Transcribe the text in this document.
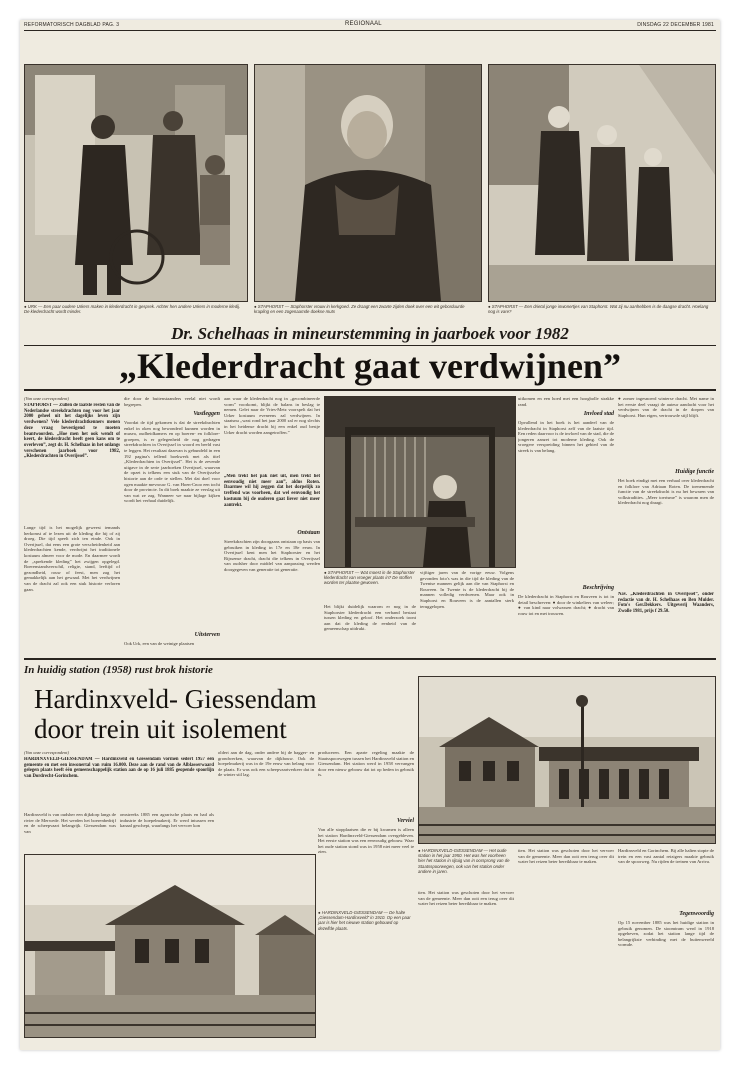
REFORMATORISCH DAGBLAD PAG. 3	REGIONAAL	DINSDAG 22 DECEMBER 1981
● URK — Een paar oudere Urkers maken in klederdracht in gesprek. Achter hen andere Urkers in moderne kledij. De klederdracht wordt minder.
● STAPHORST — Staphorster vrouw in kerkgoed. Ze draagt een zwarte zijden doek over een wit geborduurde krapling en een zogenaamde doekse muts
● STAPHORST — Een drietal jonge inwonertjes van Staphorst. Wat zij nu aanhebben is de daagse dracht. Hoelang nog is vare?
Dr. Schelhaas in mineurstemming in jaarboek voor 1982
„Klederdracht gaat verdwijnen”
(Van onze correspondent)
STAPHORST — Zullen de laatste resten van de Nederlandse streekdrachten nog voor het jaar 2000 geheel uit het dagelijks leven zijn verdwenen? Vele klederdrachtkenners menen deze vraag bevestigend te moeten beantwoorden. „Hoe men het ook wendt of keert, de klederdracht heeft geen kans om te overleven”, zegt dr. H. Schelhaas in het onlangs verschenen jaarboek voor 1982, „Klederdrachten in Overijssel”.
Lange tijd is het mogelijk geweest iemands herkomst af te lezen uit de kleding die hij of zij droeg. Die tijd speelt zich ten einde. Ook in Overijssel, dat eens een grote verscheidenheid aan klederdrachten kende, verdwijnt het traditionele kostuum almeer voor de mode. En daarmee wordt de „sprekende kleding” het zwijgen opgelegd. Boerenstandsverschil, religie, stand, leeftijd of gezondheid, rouw of feest, men zag het gemakkelijk aan het gewaad. Met het verdwijnen van de dracht zal ook een stuk historie verloren gaan.
die door de buitenstaanders veelal niet wordt begrepen.
Vastleggen
Voordat de tijd gekomen is dat de streekdrachten enkel in oken nog bewonderd kunnen worden in musea, oudheidkamers en op boeren- en folklore-groepen, is er gelegenheid de nog gedragen streekdrachten in Overijssel in woord en beeld vast te leggen. Het resultaat daarvan is gebundeld in een 192 pagina's tellend boekwerk met als titel „Klederdrachten in Overijssel”. Het is de zevende uitgave in de serie jaarboeken Overijssel, waarvan de opzet is telkens een stuk van de Overijsselse historie aan de orde te stellen. Met dat doel voor ogen maakte mevrouw G. van Hoen-Cnoo een tocht door de provincie. In dit boek maakte ze verslag uit van wat ze zag. Wanneer we naar bijlage kijken wordt het verhaal duidelijk.
Uitsterven
Ook Urk, een van de weinige plaatsen
aan waar de klederdracht nog in „gecombineerde vorm” voorkomt, blijkt de balans in beslag te nemen. Gelet naar de Vries-Metz voorspelt dat het Urker kostuum eveneens zal verdwijnen. In staatsnu „wast rond het jaar 2000 zal er nog slechts in het heidense dracht bij een enkel oud bestje Urker dracht worden aangetroffen.”
„Men trekt het pak niet uit, men trekt het eenvoudig niet meer aan”, aldus Roten. Daarmee wil hij zeggen dat het dorpelijk zo treffend was voorheen, dat wel eenvoudig het kostuum bij de ouderen gaat liever niet meer aantrekt.
Ontstaan
Streekdrachten zijn doorgaans ontstaan op basis van gebruiken in kleding in 17e en 18e eeuw. In Overijssel kent men het Staphorster en het Rijssense dracht, dracht die telkens in Overijssel van oudsher door middel van aanpassing werden doorgegeven van generatie tot generatie.
● STAPHORST — Wat moest in de Staphorster klederdracht van vroeger plaats in? De stoffen worden ter plaatse gewoven.
Het blijkt duidelijk waarom er nog in de Staphorster klederdracht een verband bestaat tussen kleding en geloof. Het onderzoek toont aan dat de kleding de eenheid van de gemeenschap uitdrukt.
vijftiger jaren van de vorige eeuw. Volgens gevonden foto's was in die tijd de kleding van de Twentse mannen gelijk aan die van Staphorst en Rouveen. In Twente is de klederdracht bij de mannen volledig verdwenen. Maar ook in Staphorst en Rouveen is de aantallen sterk teruggelopen.
uitkomen en een hoed met een hoogbolle strakke rand.
Invloed stad
Opvallend in het boek is het aandeel van de klederdracht in Staphorst zelf van de laatste tijd. Een reden daarvoor is de invloed van de stad, die de jongeren aanzet tot moderne kleding. Ook de vroegere verspreiding binnen het gebied van de streek is van belang.
Beschrijving
De klederdracht in Staphorst en Rouveen is tot in detail beschreven: ● door de winkeliers van weleer; ● van kind naar volwassen dracht; ● dracht van rouw tot en met trouwen.
● zomer ingesnoerd winterse dracht. Met name in het eerste deel vraagt de auteur aandacht voor het verdwijnen van de dracht in de dorpen van Staphorst. Hun eigen, vertrouwde stijl blijft.
Huidige functie
Het boek eindigt met een verhaal over klederdracht en folklore van Adriaan Roten. De toenemende functie van de streekdracht is nu het bewaren van volkstradities. „Meer toerisme” is waarom men de klederdracht nog draagt.
Nav. „Klederdrachten in Overijssel”, onder redactie van dr. H. Schelhaas en Ben Mulder. Foto's Ger.Dekkers. Uitgeverij Waanders, Zwolle 1981, prijs f 29.50.
In huidig station (1958) rust brok historie
Hardinxveld- Giessendam
door trein uit isolement
(Van onze correspondent)
HARDINXVELD-GIESSENDAM — Hardinxveld en Giessendam vormen sedert 1957 één gemeente en met een inwonertal van ruim 16.000. Deze aan de rand van de Alblasserwaard gelegen plaats heeft één gemeenschappelijk station aan de op 16 juli 1885 geopende spoorlijn van Dordrecht-Gorinchem.
Hardinxveld is van oudsher een dijkdorp langs de rivier de Merwede. Het werden het boerenbedrijf en de scheepvaart belangrijk. Giessendam was van
omstreeks 1885 een agrarische plaats en had als industrie de hoepelmakerij. Er werd intussen een kanaal geschept, waarlangs het vervoer kon
oldert aan de dag, onder andere bij de bagger- en grondwerken, waarvan de dijkbouw. Ook de hoepelmakerij was in de 19e eeuw van belang voor de plaats. Er was ook een scheepvaartverkeer dat in de winter stil lag.
produceren. Een aparte regeling maakte de Staatsspoorwegen tussen het Hardinxveld station en Giessendam. Het station werd in 1958 vervangen door een nieuw gebouw dat tot op heden in gebruik is.
Verviel
Van alle stopplaatsen die er bij kwamen is alleen het station Hardinxveld-Giessendam overgebleven. Het eerste station was een eenvoudig gebouw. Waar het oude station stond was in 1958 niet meer veel te zien.
● HARDINXVELD-GIESSENDAM — De halte „Giessendam-Hardinxveld” in 1910. Op een paar jaar is hier het nieuwe station gebouwd op dezelfde plaats.
● HARDINXVELD-GIESSENDAM — Het oude station in het jaar 1950. Het was het voorheen hier het station in rijtuig van in oorsprong van de Staatsspoorwegen, ook van het station onder andere in jaren.
tien. Het station was geschoten door het vervoer van de gemeente. Meer dan ooit een terug over dit water het reizen beter bereikbaar te maken.
tien. Het station was geschoten door het vervoer van de gemeente. Meer dan ooit een terug over dit water het reizen beter bereikbaar te maken.
Hardinxveld en Gorinchem. Bij alle halten stopte de trein en een vast aantal reizigers maakte gebruik van de spoorweg. Nu rijden de treinen van Arriva.
Tegenwoordig
Op 15 november 1885 was het huidige station in gebruik genomen. De stoomtram werd in 1918 opgeheven, zodat het station lange tijd de belangrijkste verbinding met de buitenwereld vormde.
